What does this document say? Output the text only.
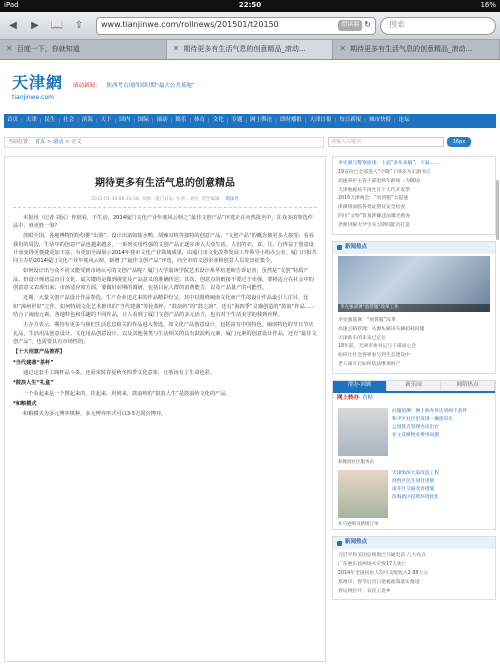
iPad	22:50	16%
◀	▶	📖	⇪	www.tianjinwe.com/rollnews/201501/t20150	阅读器 ↻ 搜索
✕ 百度一下，你就知道	✕ 期待更多有生活气息的创意精品_滚动...	✕ 期待更多有生活气息的创意精品_滚动...
天津網
tianjinwe.com
滚动新闻： 陕西考古现四周时期“最大公共墓地”
首页 | 天津 | 民生 | 社会 | 滨海 | 天下 | 国内 | 国际 | 滚动 | 娱乐 | 体育 | 文化 | 专题 | 网上舆论 | 即时播报 | 天津日报 | 每日新报 | 城市快报 | 论坛
当前位置： 首页 > 滚动 > 正文	请输入关键词	16px
期待更多有生活气息的创意精品
2015-01-30 09:16:58 来源：厦门日报 作者：刘民 责任编辑： 周泽月

本报讯（记者 刘民）你别看，不生活，2014厦门文化产业年度风云榜之“最佳文创产品”评选正在火热报名中，在众多的参选作品中，谁更胜一筹？

放眼全国，各地博物馆纷纷推“出游”，设计出诸如盐水鸭、胡辣耳机等独特的创意产品。“文创产品”的概念被更多人接受；看看我们的周边，生活中的创意产品也越来越多，一系列实用性强的文创产品正逐步渗入大众生活。人们的衣、食、住、行得益于创意设计而变得更便捷更加丰富。为更加全面展示2014年我市文化产业领域成果，由厦门市文化改革发展工作领导小组办公室、厦门日报共同主办的2014厦门文化产业年度风云榜，新增了“最佳文创产品”评选，向全市的文创企业和创意人员发出征集令。

如何设计出与众不同又能受到市场认可的文创产品呢？厦门大学嘉庚学院艺术设计系华培老师告诉记者，虽然是“文创”特质产品，但设计师切忌盲目文化，最关键的是做到视觉及产品意义的准确传达；其次，创意点的链接不要过于牵强，要将适合在社会中的创意意义表现出来；市场适应度方面，要做好前期的调研，包括目标人群的消费能力，以及产品量产的可能性。

近期，大量文创产品设计作品参选，生产企业送过来的作品精彩纷呈。其中以围绕闽南文化而产生的设计作品最引人注目，比如“漳州世好”之作、如何特别文化艺术推出的“当代建盏”等轮茶杯，“鼓浪屿”的“鼓之韵”，还有“海四季”灵感创造的“鼓浪”作品……结合了闽南元素、各地特色和乐趣的不同作品，让人看到了厦门文创产品的多元活力，也有对于生活美学的独到诠释。

主办方表示，期待有更多与我们生活息息相关的作品进入参选，如文化产品创意设计，包括富有中国特色、闽南特色的节日节庆礼品，生活用品创意设计，文化用品创意设计。以及其他各类与生活相关的具有鼓浪屿元素、厦门元素的创意设计作品。还有“最佳文创产品”，也需要具有市场性的。

【十大创意产品推荐】

*当代建盏“茶杯”

通过这套手工陶杯品斗茶，还原宋时春夏秋冬四季文化意象，让茶汤有了生命色彩。

*鼓浪人生“礼盒”

一个看起来是一个摆起来的、挂起来，用到来，鼓浪屿的“鼓浪人生”是鼓浪屿文化的产品。

*和粮模式

和粮模式为多元博弈棋种，多元博弈形式可以3-5方同台博弈。

李克强与警察座谈：上面“多头多脑”，下面……
19省份已全部进入“空降”干部多为正副书记
高速养护主管干部退休年龄统一为60岁
天津地税局不再允许个人代开发票
2015天津两会：“放管服”大提速
津潭将面临各类证照及安全检查
四川“文物”贸易涉嫌违法曝光被查
老师讲解大学生实习期间能否打造
新闻热点
李克强部署“放管服”改革工作
李克强部署：“放管服”改革
高速公路管理：从源头解决车辆超载问题
天津新车的未来已定位
18年前，天津市委书记与干部谈心会
如何让社会各界参与到生态建设中
老人离开后如何依法继承财产
帮办·回顾	新乐园	网络热点
网上转办 看帖
问题追溯：网上转办件达到两千余件
和平区社区里发现一辆废旧车
公园景点管理办法出台
业主反映物业费用问题
和畅园社区服务站
天津海滨大道改造工程
河西区民生项目进展
南开区交通改善措施
滨海新区投资环境优化
亚马逊购书新增订单
新闻热点
习近平和美国总统奥巴马通电话 八大亮点
广东惠东县两场火灾致17人死亡
2014年全国居民人均可支配收入2.88万元
郑州市：春节后出口退税政策落实推进
春运将拉开：农民工返乡
